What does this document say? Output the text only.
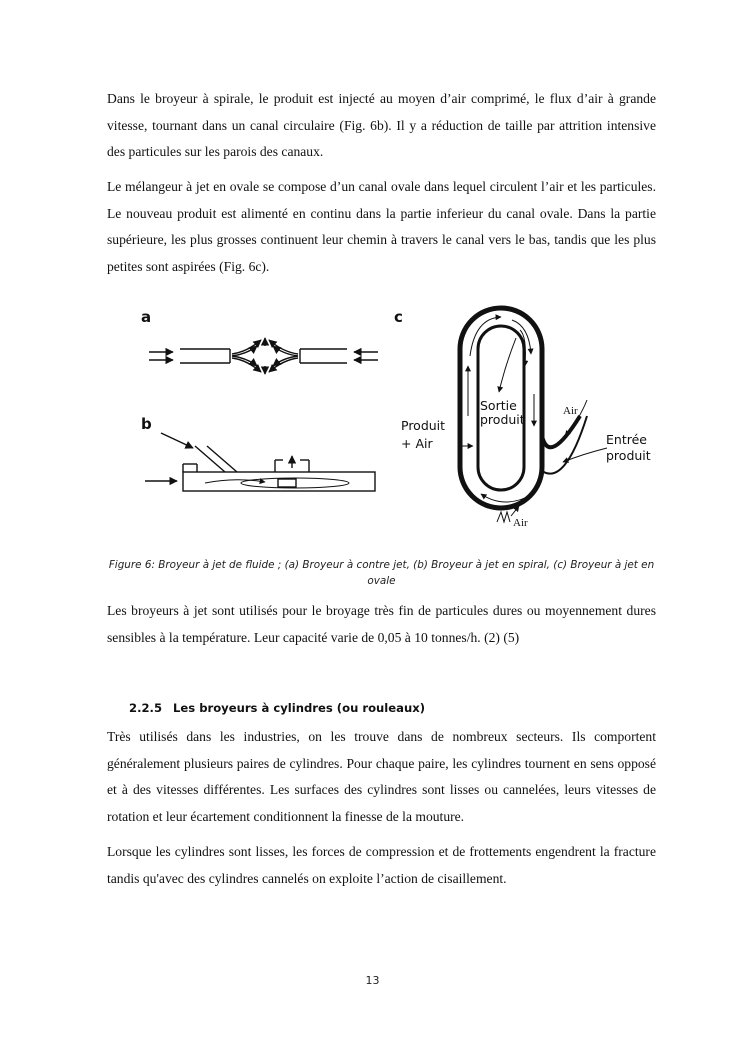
Dans le broyeur à spirale, le produit est injecté au moyen d’air comprimé, le flux d’air à grande vitesse, tournant dans un canal circulaire (Fig. 6b). Il y a réduction de taille par attrition intensive des particules sur les parois des canaux.

Le mélangeur à jet en ovale se compose d’un canal ovale dans lequel circulent l’air et les particules. Le nouveau produit est alimenté en continu dans la partie inferieur du canal ovale. Dans la partie supérieure, les plus grosses continuent leur chemin à travers le canal vers le bas, tandis que les plus petites sont aspirées (Fig. 6c).

a
b
c
Sortie
produit
Produit
+ Air	Entrée
produit
Air
Air

Figure 6: Broyeur à jet de fluide ; (a) Broyeur à contre jet, (b) Broyeur à jet en spiral, (c) Broyeur à jet en ovale

Les broyeurs à jet sont utilisés pour le broyage très fin de particules dures ou moyennement dures sensibles à la température. Leur capacité varie de 0,05 à 10 tonnes/h. (2) (5)

2.2.5 Les broyeurs à cylindres (ou rouleaux)

Très utilisés dans les industries, on les trouve dans de nombreux secteurs. Ils comportent généralement plusieurs paires de cylindres. Pour chaque paire, les cylindres tournent en sens opposé et à des vitesses différentes. Les surfaces des cylindres sont lisses ou cannelées, leurs vitesses de rotation et leur écartement conditionnent la finesse de la mouture.

Lorsque les cylindres sont lisses, les forces de compression et de frottements engendrent la fracture tandis qu'avec des cylindres cannelés on exploite l’action de cisaillement.

13
